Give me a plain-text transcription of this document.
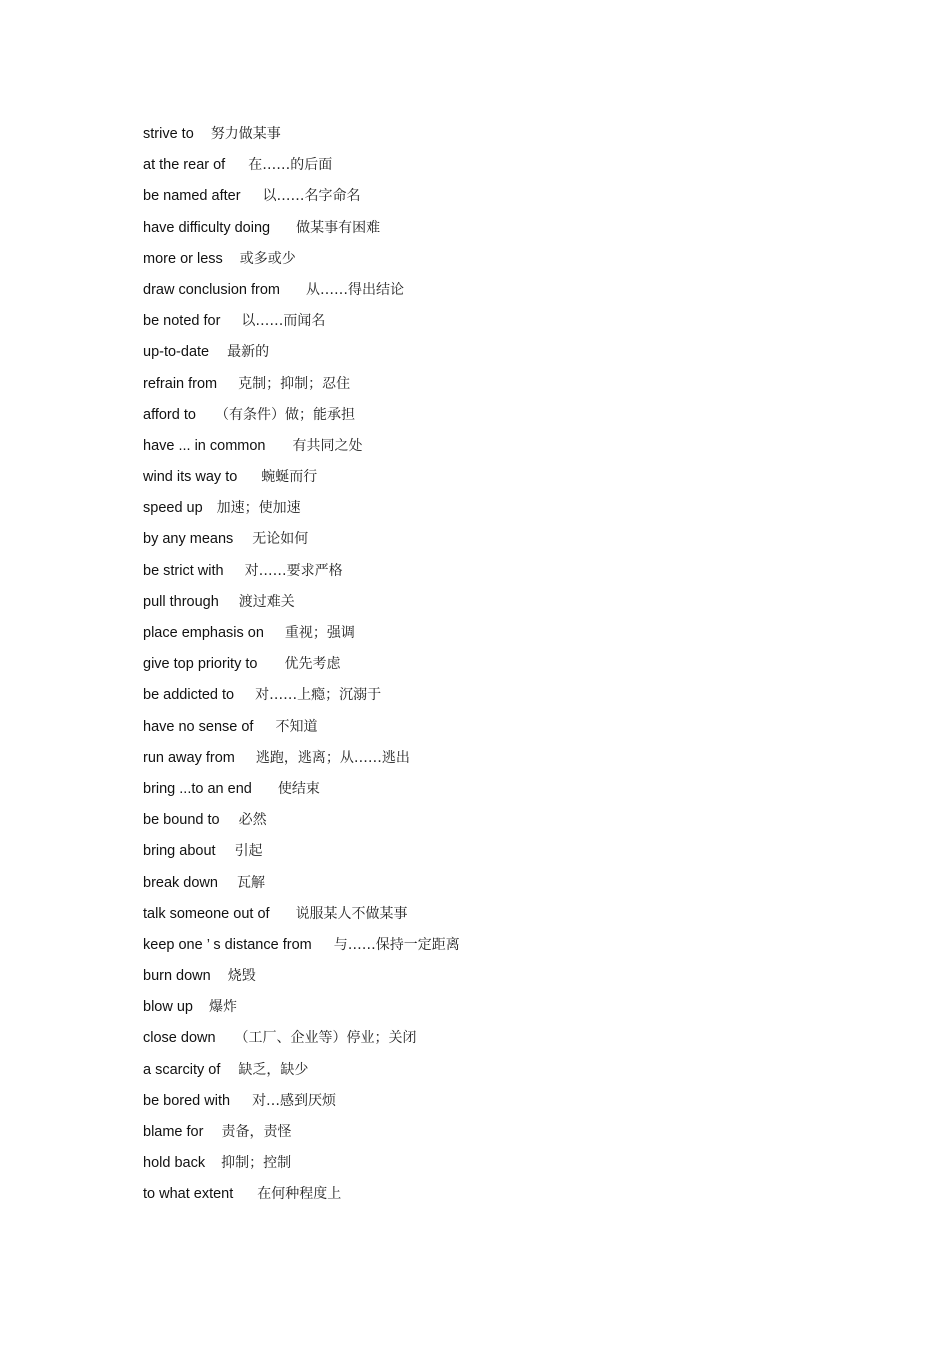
strive to 努力做某事
at the rear of 在……的后面
be named after 以……名字命名
have difficulty doing 做某事有困难
more or less 或多或少
draw conclusion from 从……得出结论
be noted for 以……而闻名
up-to-date 最新的
refrain from 克制；抑制；忍住
afford to （有条件）做；能承担
have ... in common 有共同之处
wind its way to 蜿蜒而行
speed up 加速；使加速
by any means 无论如何
be strict with 对……要求严格
pull through 渡过难关
place emphasis on 重视；强调
give top priority to 优先考虑
be addicted to 对……上瘾；沉溺于
have no sense of 不知道
run away from 逃跑，逃离；从……逃出
bring ...to an end 使结束
be bound to 必然
bring about 引起
break down 瓦解
talk someone out of 说服某人不做某事
keep one ’ s distance from 与……保持一定距离
burn down 烧毁
blow up 爆炸
close down （工厂、企业等）停业；关闭
a scarcity of 缺乏，缺少
be bored with 对…感到厌烦
blame for 责备，责怪
hold back 抑制；控制
to what extent 在何种程度上
